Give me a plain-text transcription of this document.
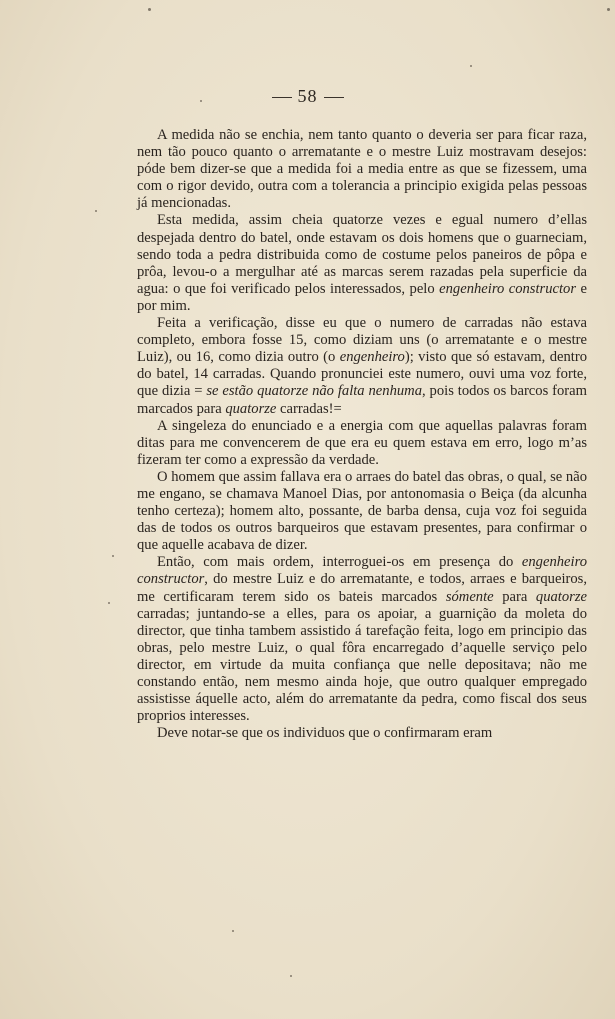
58

A medida não se enchia, nem tanto quanto o deveria ser para ficar raza, nem tão pouco quanto o arrematante e o mestre Luiz mostravam desejos: póde bem dizer-se que a medida foi a media entre as que se fizessem, uma com o rigor devido, outra com a tolerancia a principio exigida pelas pessoas já mencionadas.

Esta medida, assim cheia quatorze vezes e egual numero d’ellas despejada dentro do batel, onde estavam os dois homens que o guarneciam, sendo toda a pedra distribuida como de costume pelos paneiros de pôpa e prôa, levou-o a mergulhar até as marcas serem razadas pela superficie da agua: o que foi verificado pelos interessados, pelo engenheiro constructor e por mim.

Feita a verificação, disse eu que o numero de carradas não estava completo, embora fosse 15, como diziam uns (o arrematante e o mestre Luiz), ou 16, como dizia outro (o engenheiro); visto que só estavam, dentro do batel, 14 carradas. Quando pronunciei este numero, ouvi uma voz forte, que dizia = se estão quatorze não falta nenhuma, pois todos os barcos foram marcados para quatorze carradas!=

A singeleza do enunciado e a energia com que aquellas palavras foram ditas para me convencerem de que era eu quem estava em erro, logo m’as fizeram ter como a expressão da verdade.

O homem que assim fallava era o arraes do batel das obras, o qual, se não me engano, se chamava Manoel Dias, por antonomasia o Beiça (da alcunha tenho certeza); homem alto, possante, de barba densa, cuja voz foi seguida das de todos os outros barqueiros que estavam presentes, para confirmar o que aquelle acabava de dizer.

Então, com mais ordem, interroguei-os em presença do engenheiro constructor, do mestre Luiz e do arrematante, e todos, arraes e barqueiros, me certificaram terem sido os bateis marcados sómente para quatorze carradas; juntando-se a elles, para os apoiar, a guarnição da moleta do director, que tinha tambem assistido á tarefação feita, logo em principio das obras, pelo mestre Luiz, o qual fôra encarregado d’aquelle serviço pelo director, em virtude da muita confiança que nelle depositava; não me constando então, nem mesmo ainda hoje, que outro qualquer empregado assistisse áquelle acto, além do arrematante da pedra, como fiscal dos seus proprios interesses.

Deve notar-se que os individuos que o confirmaram eram
